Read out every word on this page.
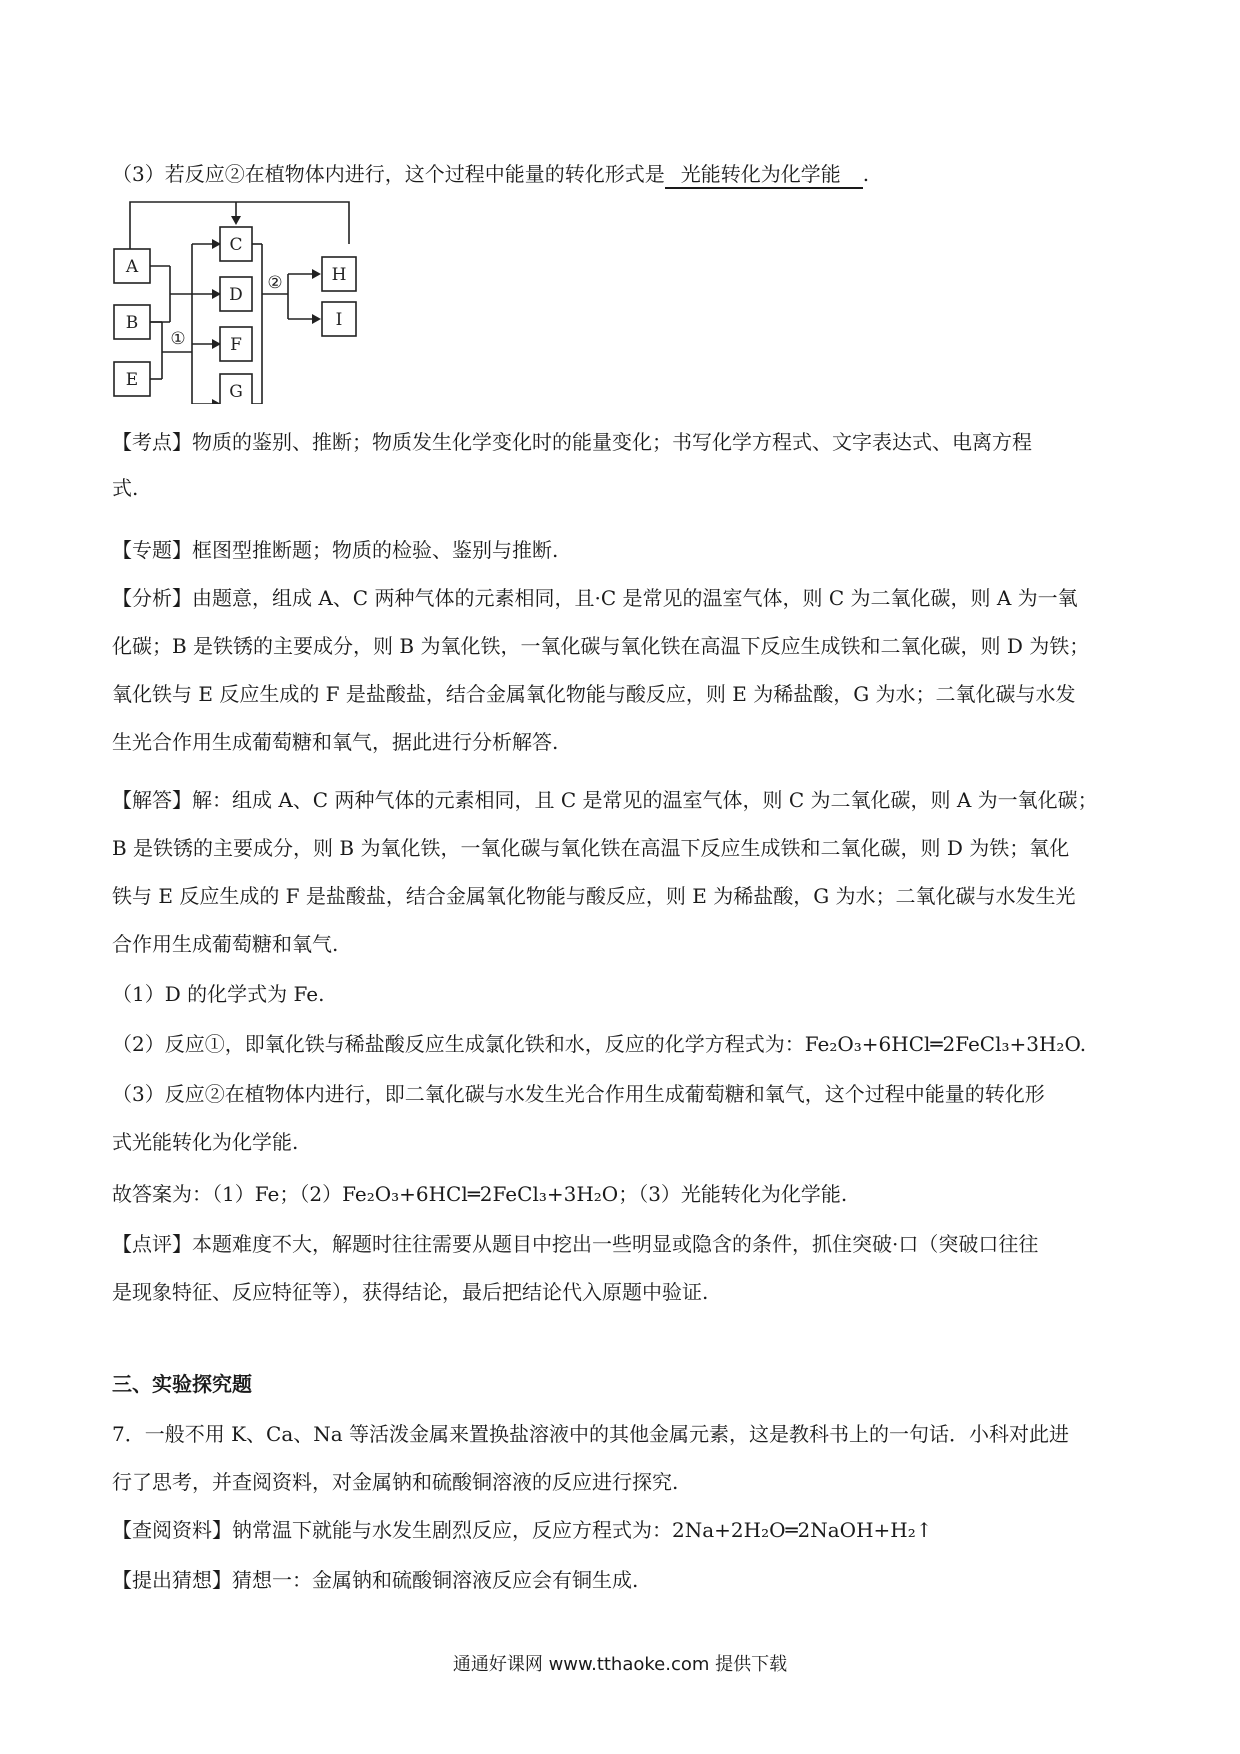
（3）若反应②在植物体内进行，这个过程中能量的转化形式是 光能转化为化学能 .
A
B
E
C
D
F
G
H
I
①
②
【考点】物质的鉴别、推断；物质发生化学变化时的能量变化；书写化学方程式、文字表达式、电离方程
式.
【专题】框图型推断题；物质的检验、鉴别与推断.
【分析】由题意，组成 A、C 两种气体的元素相同，且·C 是常见的温室气体，则 C 为二氧化碳，则 A 为一氧
化碳；B 是铁锈的主要成分，则 B 为氧化铁，一氧化碳与氧化铁在高温下反应生成铁和二氧化碳，则 D 为铁；
氧化铁与 E 反应生成的 F 是盐酸盐，结合金属氧化物能与酸反应，则 E 为稀盐酸，G 为水；二氧化碳与水发
生光合作用生成葡萄糖和氧气，据此进行分析解答.
【解答】解：组成 A、C 两种气体的元素相同，且 C 是常见的温室气体，则 C 为二氧化碳，则 A 为一氧化碳；
B 是铁锈的主要成分，则 B 为氧化铁，一氧化碳与氧化铁在高温下反应生成铁和二氧化碳，则 D 为铁；氧化
铁与 E 反应生成的 F 是盐酸盐，结合金属氧化物能与酸反应，则 E 为稀盐酸，G 为水；二氧化碳与水发生光
合作用生成葡萄糖和氧气.
（1）D 的化学式为 Fe.
（2）反应①，即氧化铁与稀盐酸反应生成氯化铁和水，反应的化学方程式为：Fe₂O₃+6HCl═2FeCl₃+3H₂O.
（3）反应②在植物体内进行，即二氧化碳与水发生光合作用生成葡萄糖和氧气，这个过程中能量的转化形
式光能转化为化学能.
故答案为：（1）Fe；（2）Fe₂O₃+6HCl═2FeCl₃+3H₂O；（3）光能转化为化学能.
【点评】本题难度不大，解题时往往需要从题目中挖出一些明显或隐含的条件，抓住突破·口（突破口往往
是现象特征、反应特征等），获得结论，最后把结论代入原题中验证.
三、实验探究题
7．一般不用 K、Ca、Na 等活泼金属来置换盐溶液中的其他金属元素，这是教科书上的一句话．小科对此进
行了思考，并查阅资料，对金属钠和硫酸铜溶液的反应进行探究.
【查阅资料】钠常温下就能与水发生剧烈反应，反应方程式为：2Na+2H₂O═2NaOH+H₂↑
【提出猜想】猜想一：金属钠和硫酸铜溶液反应会有铜生成.
通通好课网 www.tthaoke.com 提供下载
